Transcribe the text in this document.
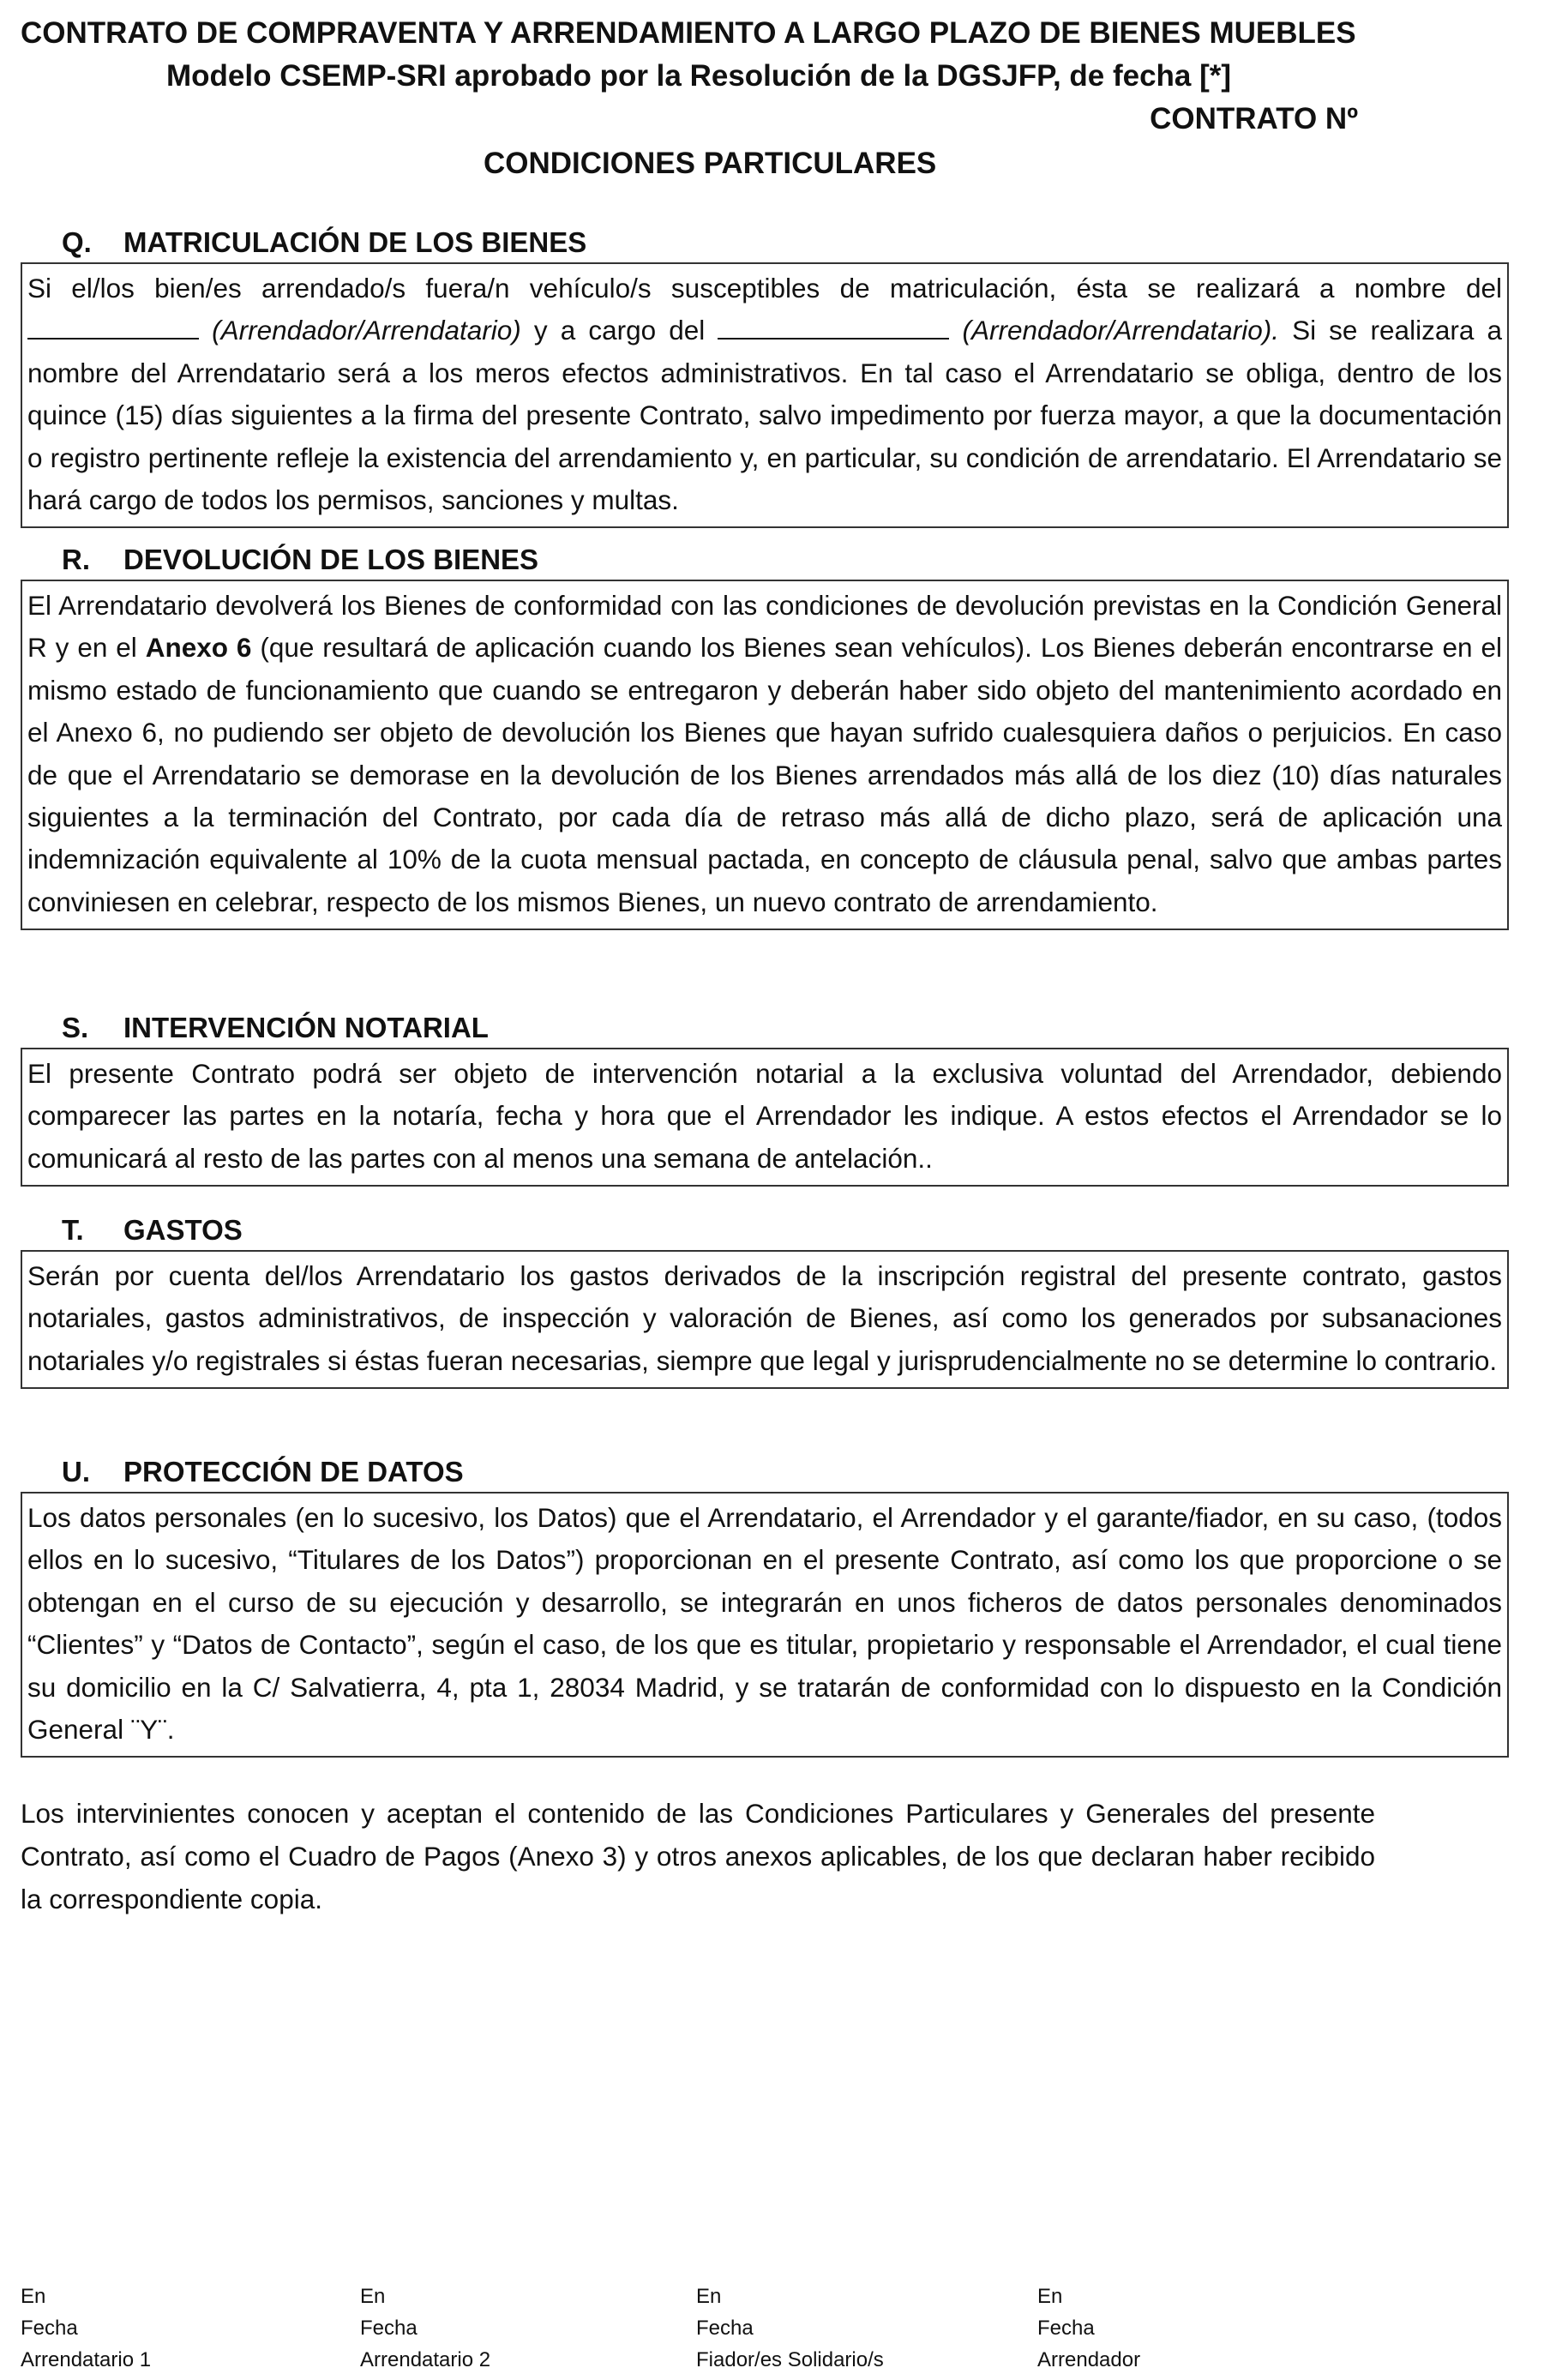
CONTRATO DE COMPRAVENTA Y ARRENDAMIENTO A LARGO PLAZO DE BIENES MUEBLES
Modelo CSEMP-SRI aprobado por la Resolución de la DGSJFP, de fecha [*]
CONTRATO Nº
CONDICIONES PARTICULARES
Q. MATRICULACIÓN DE LOS BIENES
Si el/los bien/es arrendado/s fuera/n vehículo/s susceptibles de matriculación, ésta se realizará a nombre del  (Arrendador/Arrendatario) y a cargo del	(Arrendador/Arrendatario). Si se realizara a nombre del Arrendatario será a los meros efectos administrativos. En tal caso el Arrendatario se obliga, dentro de los quince (15) días siguientes a la firma del presente Contrato, salvo impedimento por fuerza mayor, a que la documentación o registro pertinente refleje la existencia del arrendamiento y, en particular, su condición de arrendatario. El Arrendatario se hará cargo de todos los permisos, sanciones y multas.
R. DEVOLUCIÓN DE LOS BIENES
El Arrendatario devolverá los Bienes de conformidad con las condiciones de devolución previstas en la Condición General R y en el Anexo 6 (que resultará de aplicación cuando los Bienes sean vehículos). Los Bienes deberán encontrarse en el mismo estado de funcionamiento que cuando se entregaron y deberán haber sido objeto del mantenimiento acordado en el Anexo 6, no pudiendo ser objeto de devolución los Bienes que hayan sufrido cualesquiera daños o perjuicios. En caso de que el Arrendatario se demorase en la devolución de los Bienes arrendados más allá de los diez (10) días naturales siguientes a la terminación del Contrato, por cada día de retraso más allá de dicho plazo, será de aplicación una indemnización equivalente al 10% de la cuota mensual pactada, en concepto de cláusula penal, salvo que ambas partes conviniesen en celebrar, respecto de los mismos Bienes, un nuevo contrato de arrendamiento.
S. INTERVENCIÓN NOTARIAL
El presente Contrato podrá ser objeto de intervención notarial a la exclusiva voluntad del Arrendador, debiendo comparecer las partes en la notaría, fecha y hora que el Arrendador les indique. A estos efectos el Arrendador se lo comunicará al resto de las partes con al menos una semana de antelación..
T. GASTOS
Serán por cuenta del/los Arrendatario los gastos derivados de la inscripción registral del presente contrato, gastos notariales, gastos administrativos, de inspección y valoración de Bienes, así como los generados por subsanaciones notariales y/o registrales si éstas fueran necesarias, siempre que legal y jurisprudencialmente no se determine lo contrario.
U. PROTECCIÓN DE DATOS
Los datos personales (en lo sucesivo, los Datos) que el Arrendatario, el Arrendador y el garante/fiador, en su caso, (todos ellos en lo sucesivo, “Titulares de los Datos”) proporcionan en el presente Contrato, así como los que proporcione o se obtengan en el curso de su ejecución y desarrollo, se integrarán en unos ficheros de datos personales denominados “Clientes” y “Datos de Contacto”, según el caso, de los que es titular, propietario y responsable el Arrendador, el cual tiene su domicilio en la C/ Salvatierra, 4, pta 1, 28034 Madrid, y se tratarán de conformidad con lo dispuesto en la Condición General ¨Y¨.
Los intervinientes conocen y aceptan el contenido de las Condiciones Particulares y Generales del presente Contrato, así como el Cuadro de Pagos (Anexo 3) y otros anexos aplicables, de los que declaran haber recibido la correspondiente copia.
En
Fecha
Arrendatario 1
En
Fecha
Arrendatario 2
En
Fecha
Fiador/es Solidario/s
En
Fecha
Arrendador
